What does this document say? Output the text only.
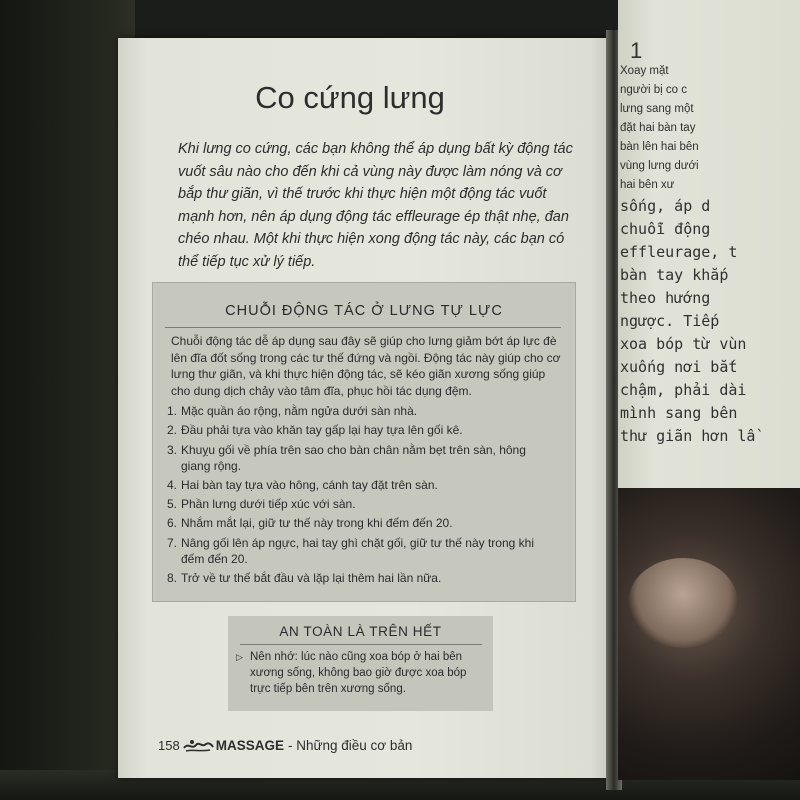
1
Xoay mặt
người bị co c
lưng sang một
đặt hai bàn tay
bàn lên hai bên
vùng lưng dưới
hai bên xư
sống, áp d
chuỗi động
effleurage, t
bàn tay khắp
theo hướng
ngược. Tiếp
xoa bóp từ vùn
xuống nơi bắt
chậm, phải dài
mình sang bên
thư giãn hơn lầ
Co cứng lưng
Khi lưng co cứng, các bạn không thể áp dụng bất kỳ động tác
vuốt sâu nào cho đến khi cả vùng này được làm nóng và cơ
bắp thư giãn, vì thế trước khi thực hiện một động tác vuốt
mạnh hơn, nên áp dụng động tác effleurage ép thật nhẹ, đan
chéo nhau. Một khi thực hiện xong động tác này, các bạn có
thể tiếp tục xử lý tiếp.
CHUỖI ĐỘNG TÁC Ở LƯNG TỰ LỰC
Chuỗi động tác dễ áp dụng sau đây sẽ giúp cho lưng giảm bớt áp lực đè
lên đĩa đốt sống trong các tư thế đứng và ngồi. Động tác này giúp cho cơ
lưng thư giãn, và khi thực hiện động tác, sẽ kéo giãn xương sống giúp
cho dung dịch chảy vào tâm đĩa, phục hồi tác dụng đệm.
1. Mặc quần áo rộng, nằm ngửa dưới sàn nhà.
2. Đầu phải tựa vào khăn tay gấp lại hay tựa lên gối kê.
3. Khuỵu gối về phía trên sao cho bàn chân nằm bẹt trên sàn, hông
giang rộng.
4. Hai bàn tay tựa vào hông, cánh tay đặt trên sàn.
5. Phần lưng dưới tiếp xúc với sàn.
6. Nhắm mắt lại, giữ tư thế này trong khi đếm đến 20.
7. Nâng gối lên áp ngực, hai tay ghì chặt gối, giữ tư thế này trong khi
đếm đến 20.
8. Trở về tư thế bắt đầu và lặp lại thêm hai lần nữa.
AN TOÀN LÀ TRÊN HẾT
▷ Nên nhớ: lúc nào cũng xoa bóp ở hai bên
xương sống, không bao giờ được xoa bóp
trực tiếp bên trên xương sống.
158	MASSAGE - Những điều cơ bản
